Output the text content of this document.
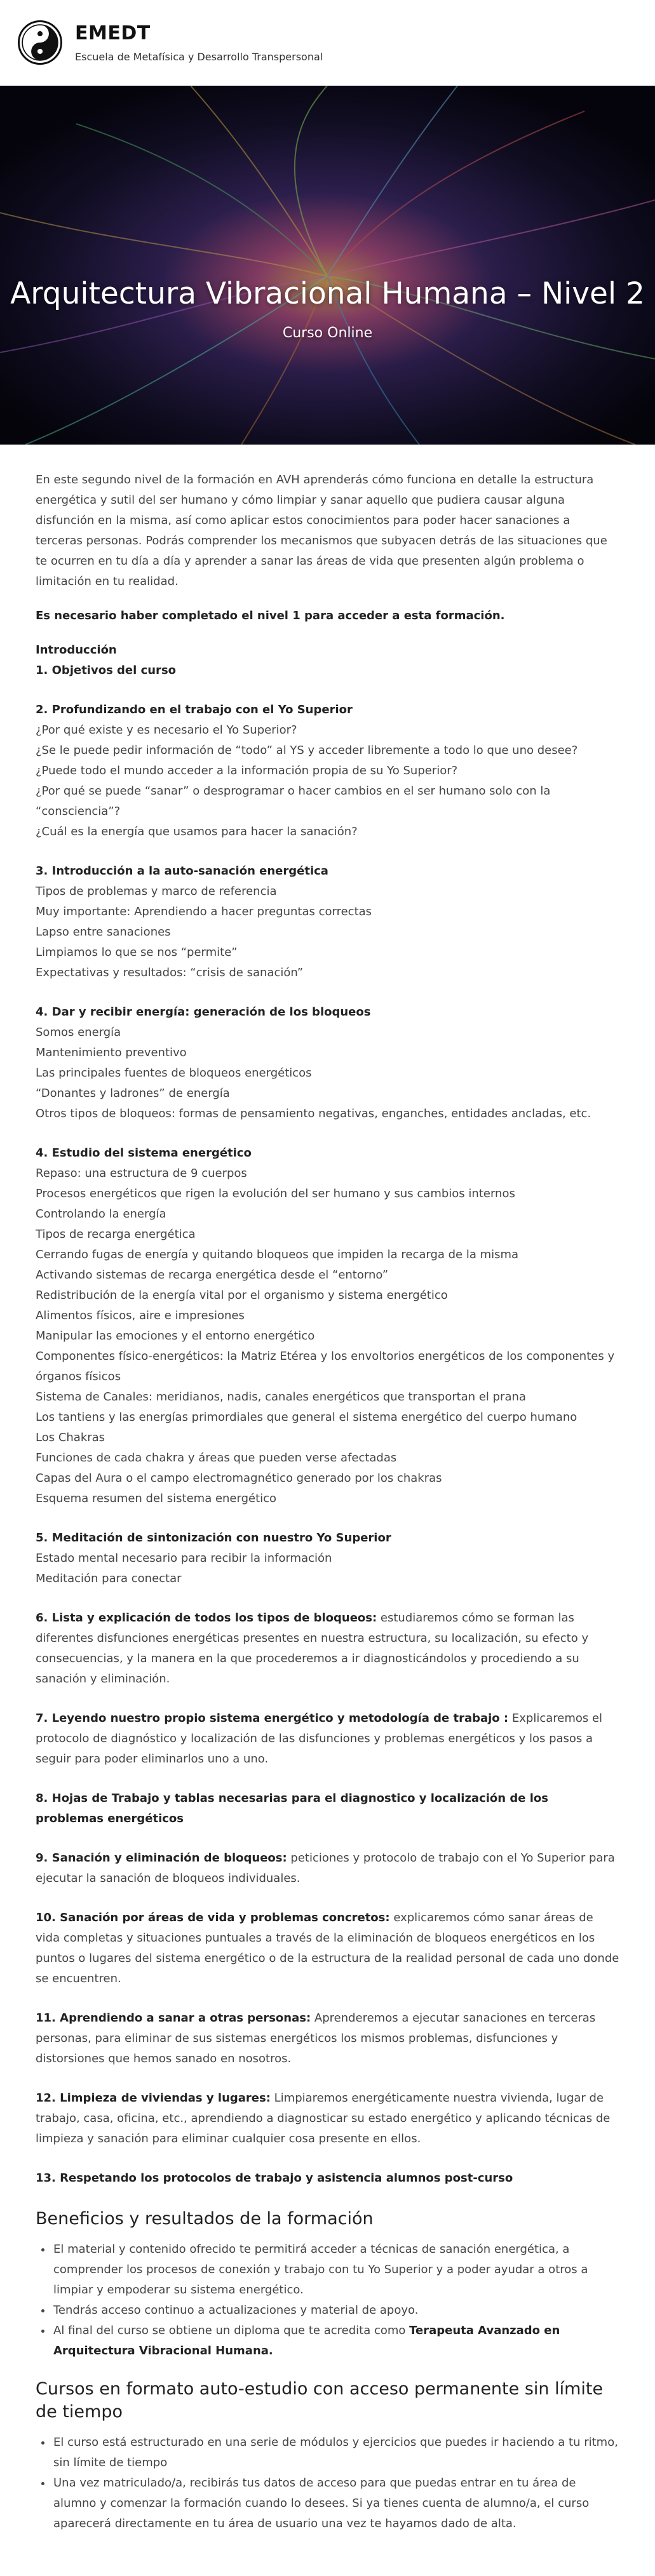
EMEDT
Escuela de Metafísica y Desarrollo Transpersonal
Arquitectura Vibracional Humana – Nivel 2
Curso Online

En este segundo nivel de la formación en AVH aprenderás cómo funciona en detalle la estructura energética y sutil del ser humano y cómo limpiar y sanar aquello que pudiera causar alguna disfunción en la misma, así como aplicar estos conocimientos para poder hacer sanaciones a terceras personas. Podrás comprender los mecanismos que subyacen detrás de las situaciones que te ocurren en tu día a día y aprender a sanar las áreas de vida que presenten algún problema o limitación en tu realidad.

Es necesario haber completado el nivel 1 para acceder a esta formación.

Introducción
1. Objetivos del curso
2. Profundizando en el trabajo con el Yo Superior
¿Por qué existe y es necesario el Yo Superior?
¿Se le puede pedir información de “todo” al YS y acceder libremente a todo lo que uno desee?
¿Puede todo el mundo acceder a la información propia de su Yo Superior?
¿Por qué se puede “sanar” o desprogramar o hacer cambios en el ser humano solo con la “consciencia”?
¿Cuál es la energía que usamos para hacer la sanación?
3. Introducción a la auto-sanación energética
Tipos de problemas y marco de referencia
Muy importante: Aprendiendo a hacer preguntas correctas
Lapso entre sanaciones
Limpiamos lo que se nos “permite”
Expectativas y resultados: “crisis de sanación”
4. Dar y recibir energía: generación de los bloqueos
Somos energía
Mantenimiento preventivo
Las principales fuentes de bloqueos energéticos
“Donantes y ladrones” de energía
Otros tipos de bloqueos: formas de pensamiento negativas, enganches, entidades ancladas, etc.
4. Estudio del sistema energético
Repaso: una estructura de 9 cuerpos
Procesos energéticos que rigen la evolución del ser humano y sus cambios internos
Controlando la energía
Tipos de recarga energética
Cerrando fugas de energía y quitando bloqueos que impiden la recarga de la misma
Activando sistemas de recarga energética desde el “entorno”
Redistribución de la energía vital por el organismo y sistema energético
Alimentos físicos, aire e impresiones
Manipular las emociones y el entorno energético
Componentes físico-energéticos: la Matriz Etérea y los envoltorios energéticos de los componentes y órganos físicos
Sistema de Canales: meridianos, nadis, canales energéticos que transportan el prana
Los tantiens y las energías primordiales que general el sistema energético del cuerpo humano
Los Chakras
Funciones de cada chakra y áreas que pueden verse afectadas
Capas del Aura o el campo electromagnético generado por los chakras
Esquema resumen del sistema energético
5. Meditación de sintonización con nuestro Yo Superior
Estado mental necesario para recibir la información
Meditación para conectar
6. Lista y explicación de todos los tipos de bloqueos: estudiaremos cómo se forman las diferentes disfunciones energéticas presentes en nuestra estructura, su localización, su efecto y consecuencias, y la manera en la que procederemos a ir diagnosticándolos y procediendo a su sanación y eliminación.
7. Leyendo nuestro propio sistema energético y metodología de trabajo : Explicaremos el protocolo de diagnóstico y localización de las disfunciones y problemas energéticos y los pasos a seguir para poder eliminarlos uno a uno.
8. Hojas de Trabajo y tablas necesarias para el diagnostico y localización de los problemas energéticos
9. Sanación y eliminación de bloqueos: peticiones y protocolo de trabajo con el Yo Superior para ejecutar la sanación de bloqueos individuales.
10. Sanación por áreas de vida y problemas concretos: explicaremos cómo sanar áreas de vida completas y situaciones puntuales a través de la eliminación de bloqueos energéticos en los puntos o lugares del sistema energético o de la estructura de la realidad personal de cada uno donde se encuentren.
11. Aprendiendo a sanar a otras personas: Aprenderemos a ejecutar sanaciones en terceras personas, para eliminar de sus sistemas energéticos los mismos problemas, disfunciones y distorsiones que hemos sanado en nosotros.
12. Limpieza de viviendas y lugares: Limpiaremos energéticamente nuestra vivienda, lugar de trabajo, casa, oficina, etc., aprendiendo a diagnosticar su estado energético y aplicando técnicas de limpieza y sanación para eliminar cualquier cosa presente en ellos.
13. Respetando los protocolos de trabajo y asistencia alumnos post-curso
Beneficios y resultados de la formación
• El material y contenido ofrecido te permitirá acceder a técnicas de sanación energética, a comprender los procesos de conexión y trabajo con tu Yo Superior y a poder ayudar a otros a limpiar y empoderar su sistema energético.
• Tendrás acceso continuo a actualizaciones y material de apoyo.
• Al final del curso se obtiene un diploma que te acredita como Terapeuta Avanzado en Arquitectura Vibracional Humana.
Cursos en formato auto-estudio con acceso permanente sin límite de tiempo
• El curso está estructurado en una serie de módulos y ejercicios que puedes ir haciendo a tu ritmo, sin límite de tiempo
• Una vez matriculado/a, recibirás tus datos de acceso para que puedas entrar en tu área de alumno y comenzar la formación cuando lo desees. Si ya tienes cuenta de alumno/a, el curso aparecerá directamente en tu área de usuario una vez te hayamos dado de alta.
